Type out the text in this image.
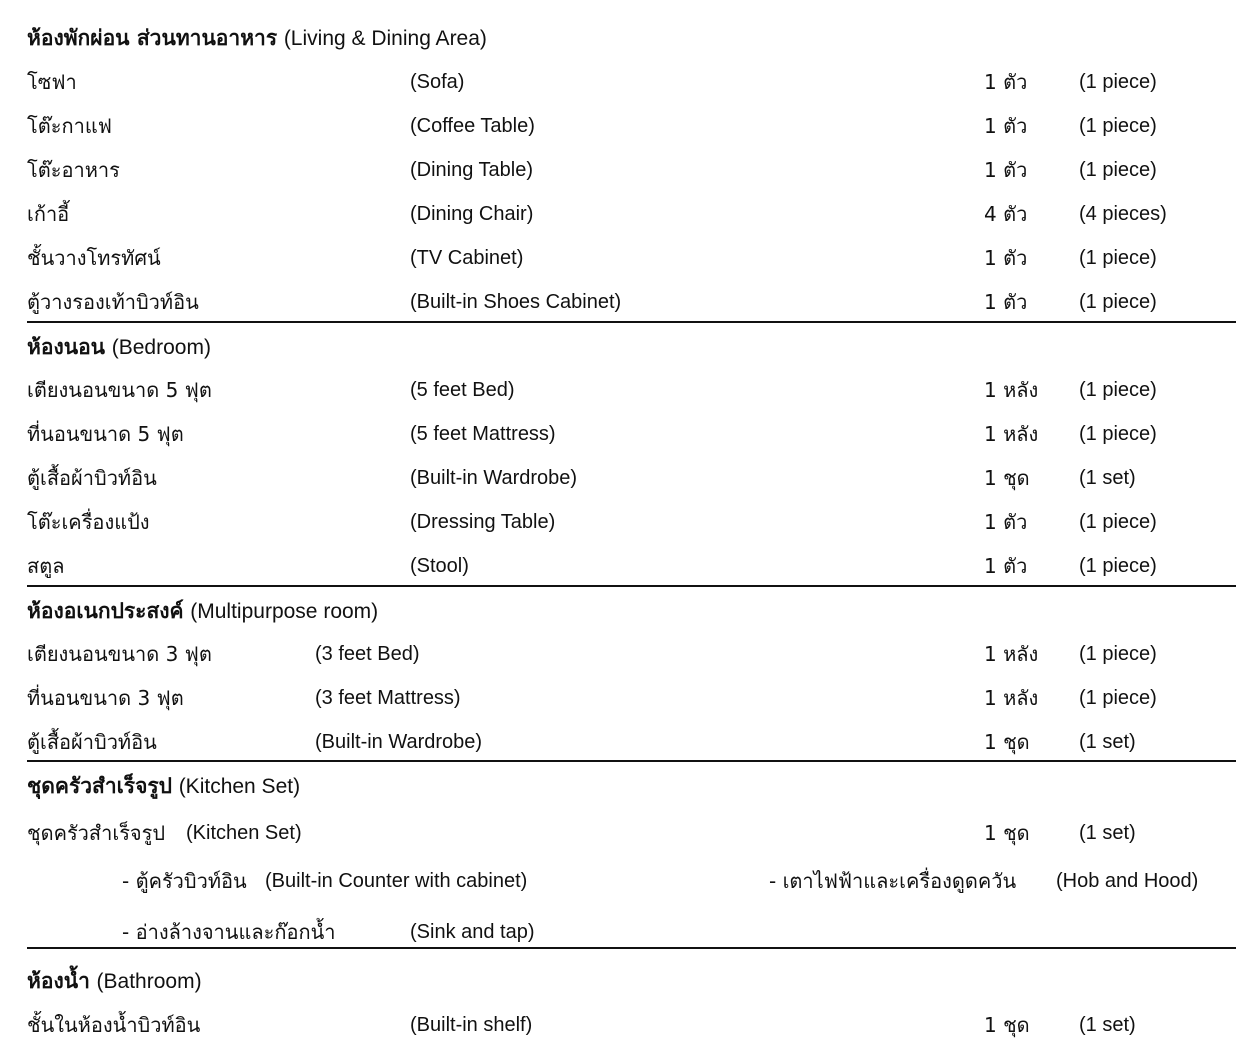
ห้องพักผ่อน ส่วนทานอาหาร (Living & Dining Area)
โซฟา	(Sofa)	1 ตัว	(1 piece)
โต๊ะกาแฟ	(Coffee Table)	1 ตัว	(1 piece)
โต๊ะอาหาร	(Dining Table)	1 ตัว	(1 piece)
เก้าอี้	(Dining Chair)	4 ตัว	(4 pieces)
ชั้นวางโทรทัศน์	(TV Cabinet)	1 ตัว	(1 piece)
ตู้วางรองเท้าบิวท์อิน	(Built-in Shoes Cabinet)	1 ตัว	(1 piece)
ห้องนอน (Bedroom)
เตียงนอนขนาด 5 ฟุต	(5 feet Bed)	1 หลัง (1 piece)
ที่นอนขนาด 5 ฟุต	(5 feet Mattress)	1 หลัง (1 piece)
ตู้เสื้อผ้าบิวท์อิน	(Built-in Wardrobe)	1 ชุด (1 set)
โต๊ะเครื่องแป้ง	(Dressing Table)	1 ตัว	(1 piece)
สตูล	(Stool)	1 ตัว	(1 piece)
ห้องอเนกประสงค์ (Multipurpose room)
เตียงนอนขนาด 3 ฟุต	(3 feet Bed)	1 หลัง (1 piece)
ที่นอนขนาด 3 ฟุต	(3 feet Mattress)	1 หลัง (1 piece)
ตู้เสื้อผ้าบิวท์อิน	(Built-in Wardrobe)	1 ชุด (1 set)
ชุดครัวสำเร็จรูป (Kitchen Set)
ชุดครัวสำเร็จรูป (Kitchen Set)	1 ชุด (1 set)
- ตู้ครัวบิวท์อิน (Built-in Counter with cabinet)	- เตาไฟฟ้าและเครื่องดูดควัน (Hob and Hood)
- อ่างล้างจานและก๊อกน้ำ	(Sink and tap)
ห้องน้ำ (Bathroom)
ชั้นในห้องน้ำบิวท์อิน	(Built-in shelf)	1 ชุด (1 set)
